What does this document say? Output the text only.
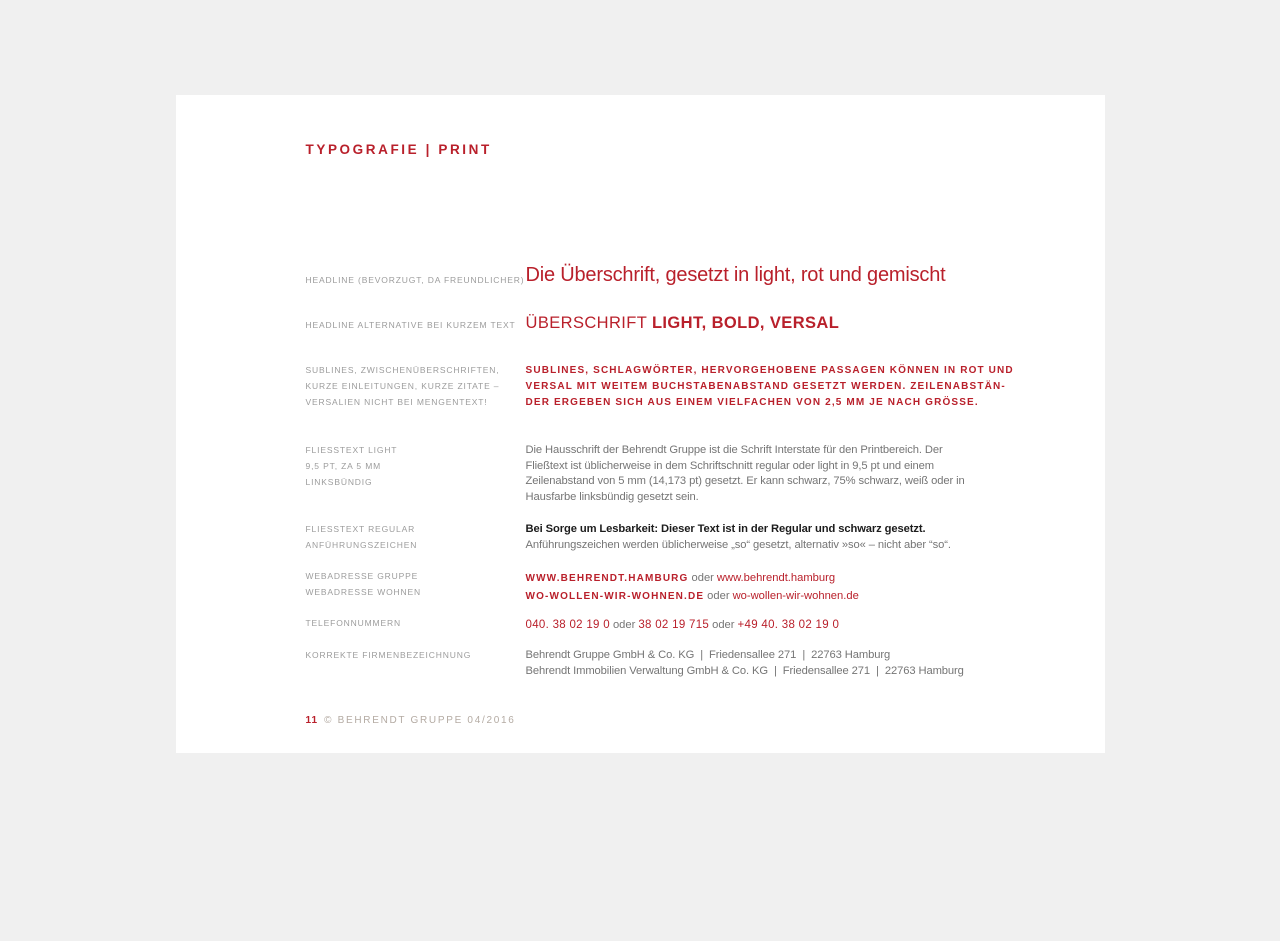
TYPOGRAFIE | PRINT
HEADLINE (BEVORZUGT, DA FREUNDLICHER) Die Überschrift, gesetzt in light, rot und gemischt
HEADLINE ALTERNATIVE BEI KURZEM TEXT ÜBERSCHRIFT LIGHT, BOLD, VERSAL
SUBLINES, ZWISCHENÜBERSCHRIFTEN,
KURZE EINLEITUNGEN, KURZE ZITATE –
VERSALIEN NICHT BEI MENGENTEXT!
SUBLINES, SCHLAGWÖRTER, HERVORGEHOBENE PASSAGEN KÖNNEN IN ROT UND
VERSAL MIT WEITEM BUCHSTABENABSTAND GESETZT WERDEN. ZEILENABSTÄN-
DER ERGEBEN SICH AUS EINEM VIELFACHEN VON 2,5 MM JE NACH GRÖSSE.
FLIESSTEXT LIGHT
9,5 PT, ZA 5 MM
LINKSBÜNDIG
Die Hausschrift der Behrendt Gruppe ist die Schrift Interstate für den Printbereich. Der
Fließtext ist üblicherweise in dem Schriftschnitt regular oder light in 9,5 pt und einem
Zeilenabstand von 5 mm (14,173 pt) gesetzt. Er kann schwarz, 75% schwarz, weiß oder in
Hausfarbe linksbündig gesetzt sein.
FLIESSTEXT REGULAR
ANFÜHRUNGSZEICHEN
Bei Sorge um Lesbarkeit: Dieser Text ist in der Regular und schwarz gesetzt.
Anführungszeichen werden üblicherweise „so“ gesetzt, alternativ »so« – nicht aber “so“.
WEBADRESSE GRUPPE
WEBADRESSE WOHNEN
WWW.BEHRENDT.HAMBURG oder www.behrendt.hamburg
WO-WOLLEN-WIR-WOHNEN.DE oder wo-wollen-wir-wohnen.de
TELEFONNUMMERN	040. 38 02 19 0 oder 38 02 19 715 oder +49 40. 38 02 19 0
KORREKTE FIRMENBEZEICHNUNG	Behrendt Gruppe GmbH & Co. KG  |  Friedensallee 271  |  22763 Hamburg
Behrendt Immobilien Verwaltung GmbH & Co. KG  |  Friedensallee 271  |  22763 Hamburg
11 © BEHRENDT GRUPPE 04/2016
